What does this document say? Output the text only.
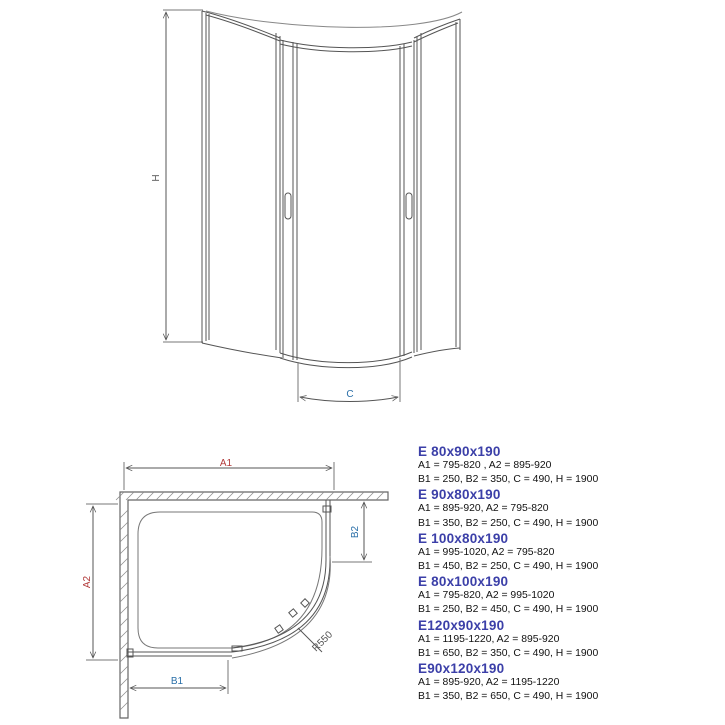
H
C
A1
A2
B2
B1
R550
E 80x90x190
A1 = 795-820 , A2 = 895-920
B1 = 250, B2 = 350, C = 490, H = 1900
E 90x80x190
A1 = 895-920, A2 = 795-820
B1 = 350, B2 = 250, C = 490, H = 1900
E 100x80x190
A1 = 995-1020, A2 = 795-820
B1 = 450, B2 = 250, C = 490, H = 1900
E 80x100x190
A1 = 795-820, A2 = 995-1020
B1 = 250, B2 = 450, C = 490, H = 1900
E120x90x190
A1 = 1195-1220, A2 = 895-920
B1 = 650, B2 = 350, C = 490, H = 1900
E90x120x190
A1 = 895-920, A2 = 1195-1220
B1 = 350, B2 = 650, C = 490, H = 1900
